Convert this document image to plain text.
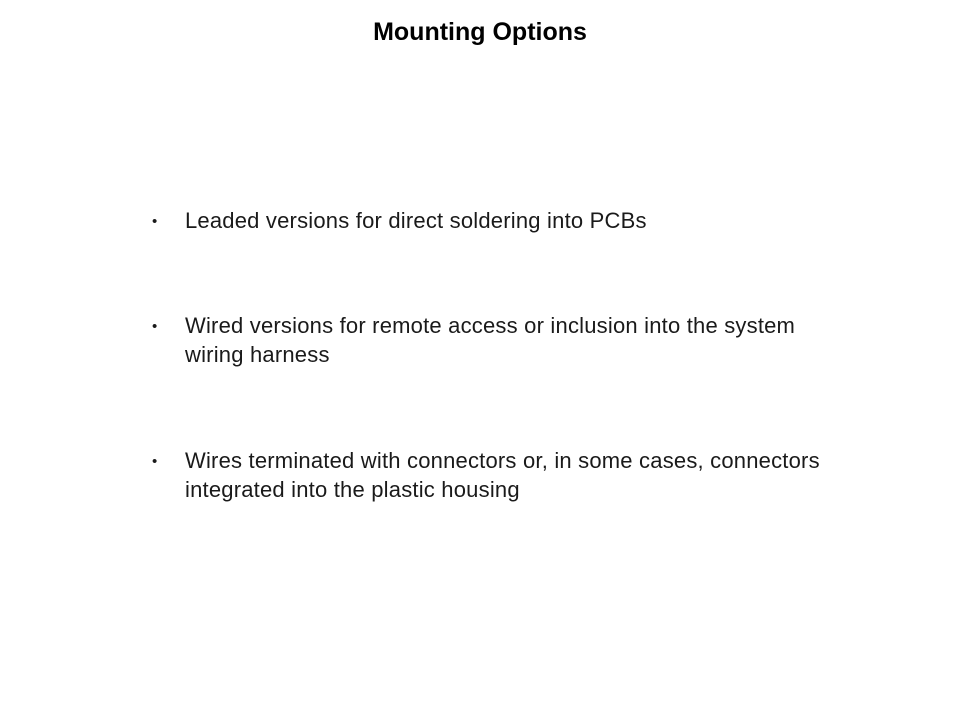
Mounting Options
• Leaded versions for direct soldering into PCBs
• Wired versions for remote access or inclusion into the system wiring harness
• Wires terminated with connectors or, in some cases, connectors integrated into the plastic housing
